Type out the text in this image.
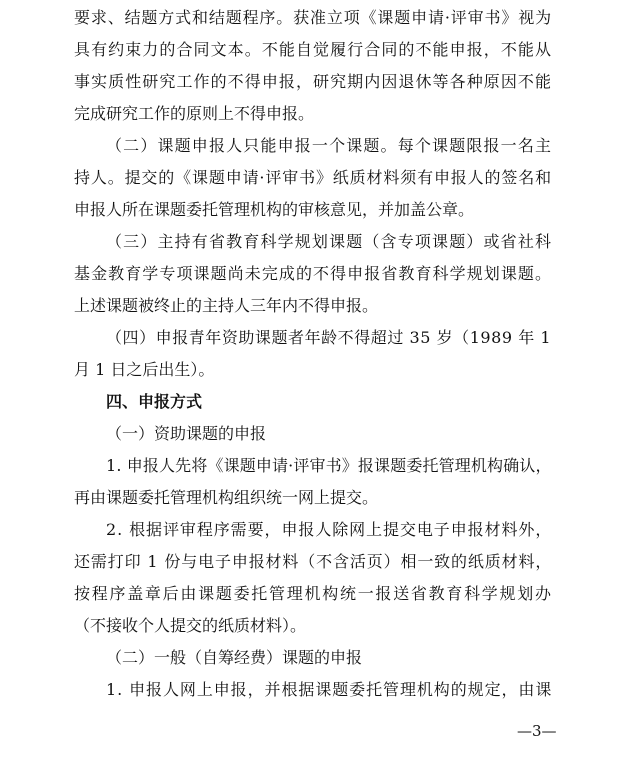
要求、结题方式和结题程序。获准立项《课题申请·评审书》视为
具有约束力的合同文本。不能自觉履行合同的不能申报，不能从
事实质性研究工作的不得申报，研究期内因退休等各种原因不能
完成研究工作的原则上不得申报。
（二）课题申报人只能申报一个课题。每个课题限报一名主
持人。提交的《课题申请·评审书》纸质材料须有申报人的签名和
申报人所在课题委托管理机构的审核意见，并加盖公章。
（三）主持有省教育科学规划课题（含专项课题）或省社科
基金教育学专项课题尚未完成的不得申报省教育科学规划课题。
上述课题被终止的主持人三年内不得申报。
（四）申报青年资助课题者年龄不得超过 35 岁（1989 年 1
月 1 日之后出生）。
四、申报方式
（一）资助课题的申报
1. 申报人先将《课题申请·评审书》报课题委托管理机构确认，
再由课题委托管理机构组织统一网上提交。
2. 根据评审程序需要，申报人除网上提交电子申报材料外，
还需打印 1 份与电子申报材料（不含活页）相一致的纸质材料，
按程序盖章后由课题委托管理机构统一报送省教育科学规划办
（不接收个人提交的纸质材料）。
（二）一般（自筹经费）课题的申报
1. 申报人网上申报，并根据课题委托管理机构的规定，由课
—3—
